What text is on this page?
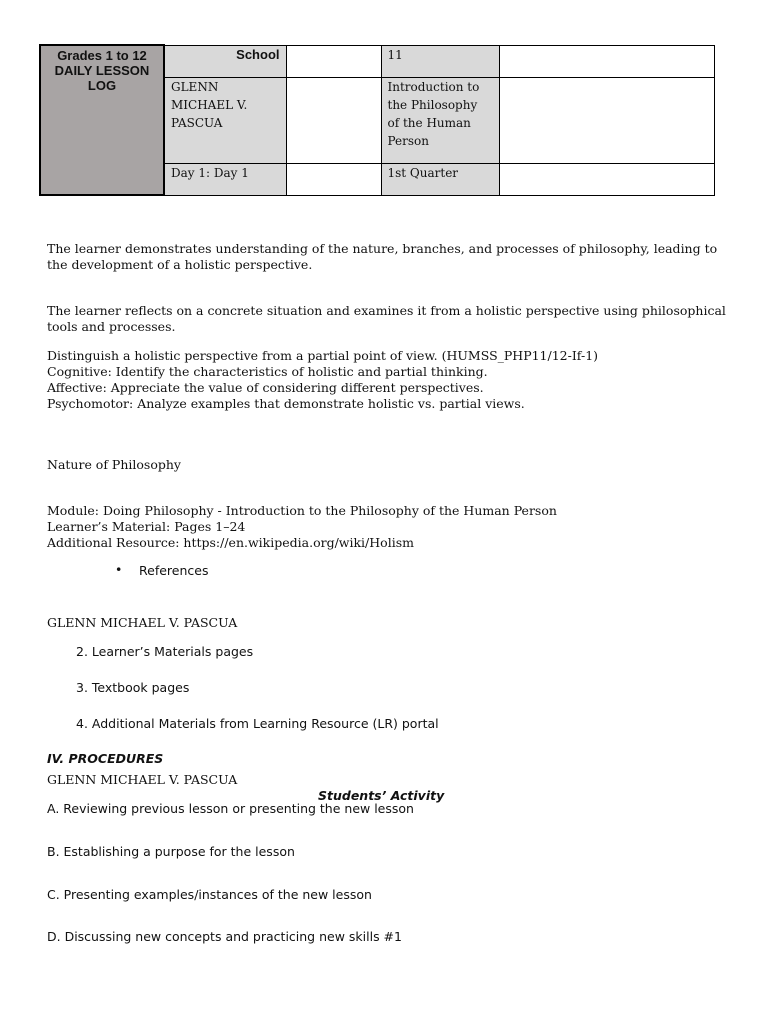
Grades 1 to 12
DAILY LESSON
LOG	School		11	

	GLENN MICHAEL V. PASCUA		Introduction to the Philosophy of the Human Person	

	Day 1: Day 1		1st Quarter	

The learner demonstrates understanding of the nature, branches, and processes of philosophy, leading to the development of a holistic perspective.
The learner reflects on a concrete situation and examines it from a holistic perspective using philosophical tools and processes.
Distinguish a holistic perspective from a partial point of view. (HUMSS_PHP11/12-If-1)
Cognitive: Identify the characteristics of holistic and partial thinking.
Affective: Appreciate the value of considering different perspectives.
Psychomotor: Analyze examples that demonstrate holistic vs. partial views.
Nature of Philosophy
Module: Doing Philosophy - Introduction to the Philosophy of the Human Person
Learner’s Material: Pages 1–24
Additional Resource: https://en.wikipedia.org/wiki/Holism
• References
GLENN MICHAEL V. PASCUA
2. Learner’s Materials pages
3. Textbook pages
4. Additional Materials from Learning Resource (LR) portal
IV. PROCEDURES
GLENN MICHAEL V. PASCUA
Students’ Activity
A. Reviewing previous lesson or presenting the new lesson
B. Establishing a purpose for the lesson
C. Presenting examples/instances of the new lesson
D. Discussing new concepts and practicing new skills #1
